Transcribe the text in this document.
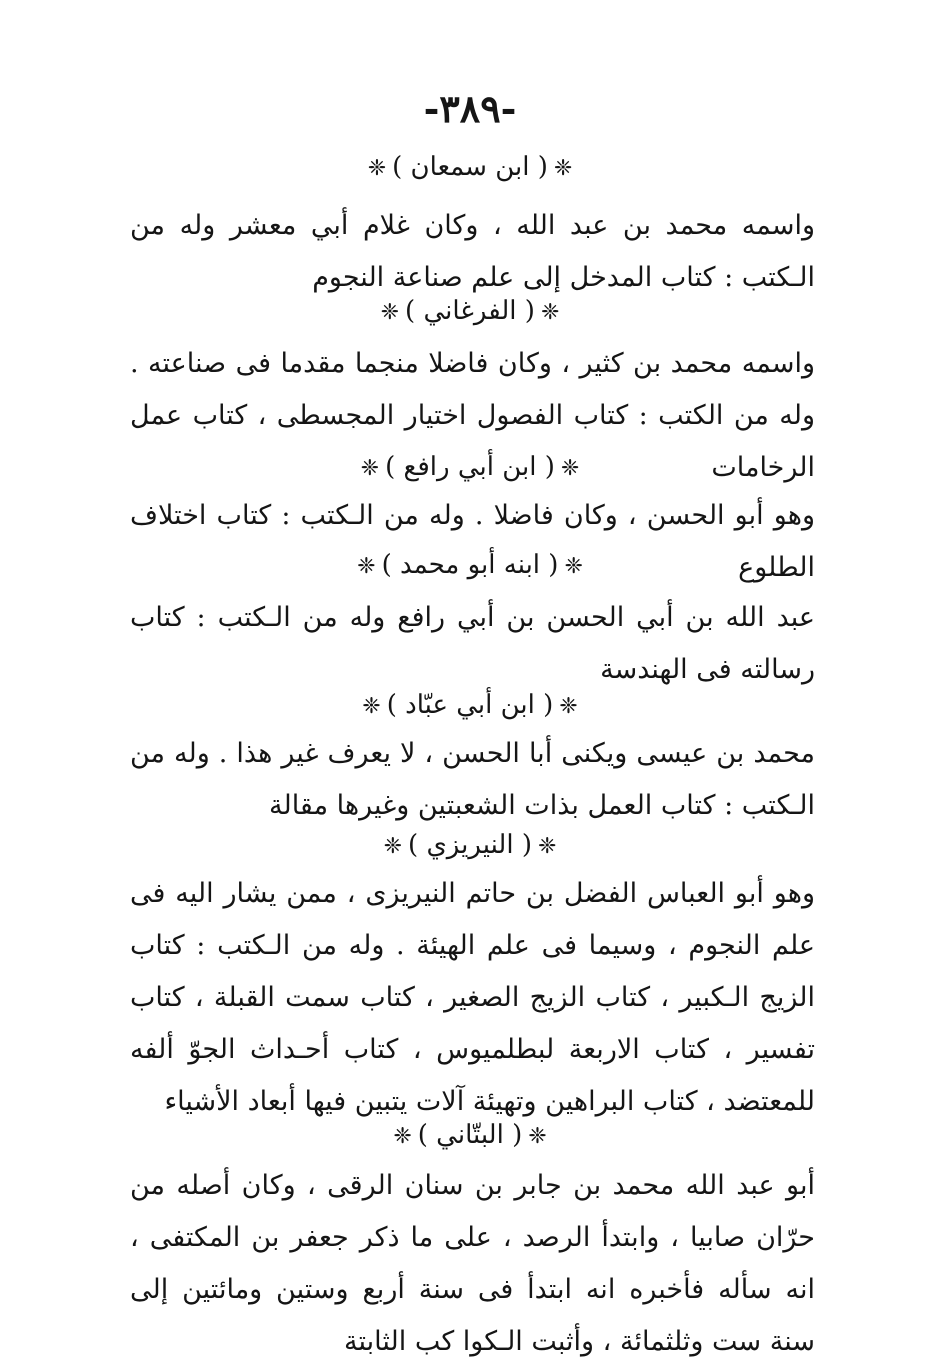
-٣٨٩-
❈( ابن سمعان )❈
واسمه محمد بن عبد الله ، وكان غلام أبي معشر وله من الـكتب : كتاب المدخل إلى علم صناعة النجوم
❈( الفرغاني )❈
واسمه محمد بن كثير ، وكان فاضلا منجما مقدما فى صناعته . وله من الكتب : كتاب الفصول اختيار المجسطى ، كتاب عمل الرخامات
❈( ابن أبي رافع )❈
وهو أبو الحسن ، وكان فاضلا . وله من الـكتب : كتاب اختلاف الطلوع
❈( ابنه أبو محمد )❈
عبد الله بن أبي الحسن بن أبي رافع وله من الـكتب : كتاب رسالته فى الهندسة
❈( ابن أبي عبّاد )❈
محمد بن عيسى ويكنى أبا الحسن ، لا يعرف غير هذا . وله من الـكتب : كتاب العمل بذات الشعبتين وغيرها مقالة
❈( النيريزي )❈
وهو أبو العباس الفضل بن حاتم النيريزى ، ممن يشار اليه فى علم النجوم ، وسيما فى علم الهيئة . وله من الـكتب : كتاب الزيج الـكبير ، كتاب الزيج الصغير ، كتاب سمت القبلة ، كتاب تفسير ، كتاب الاربعة لبطلميوس ، كتاب أحـداث الجوّ ألفه للمعتضد ، كتاب البراهين وتهيئة آلات يتبين فيها أبعاد الأشياء
❈( البتّاني )❈
أبو عبد الله محمد بن جابر بن سنان الرقى ، وكان أصله من حرّان صابيا ، وابتدأ الرصد ، على ما ذكر جعفر بن المكتفى ، انه سأله فأخبره انه ابتدأ فى سنة أربع وستين ومائتين إلى سنة ست وثلثمائة ، وأثبت الـكوا كب الثابتة
